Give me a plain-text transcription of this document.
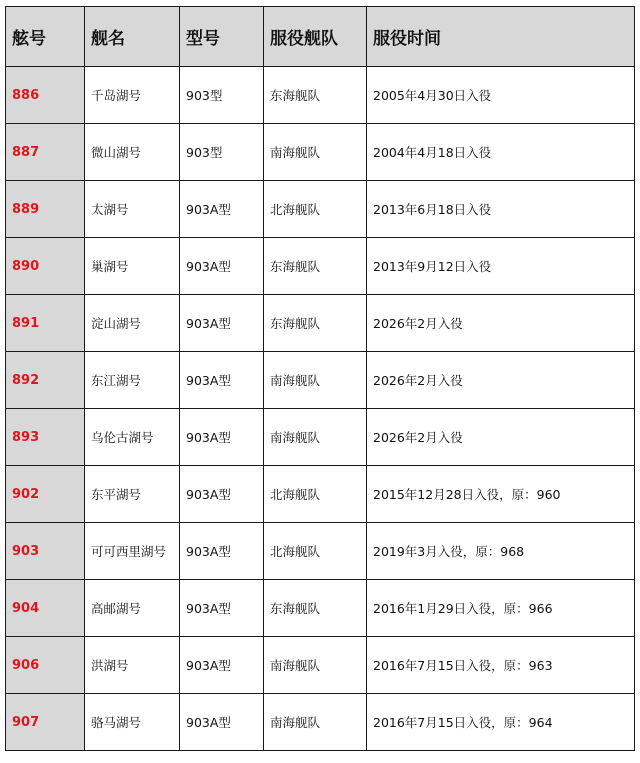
舷号	舰名	型号	服役舰队	服役时间
886	千岛湖号	903型	东海舰队	2005年4月30日入役
887	微山湖号	903型	南海舰队	2004年4月18日入役
889	太湖号	903A型	北海舰队	2013年6月18日入役
890	巢湖号	903A型	东海舰队	2013年9月12日入役
891	淀山湖号	903A型	东海舰队	2026年2月入役
892	东江湖号	903A型	南海舰队	2026年2月入役
893	乌伦古湖号	903A型	南海舰队	2026年2月入役
902	东平湖号	903A型	北海舰队	2015年12月28日入役，原：960
903	可可西里湖号	903A型	北海舰队	2019年3月入役，原：968
904	高邮湖号	903A型	东海舰队	2016年1月29日入役，原：966
906	洪湖号	903A型	南海舰队	2016年7月15日入役，原：963
907	骆马湖号	903A型	南海舰队	2016年7月15日入役，原：964
